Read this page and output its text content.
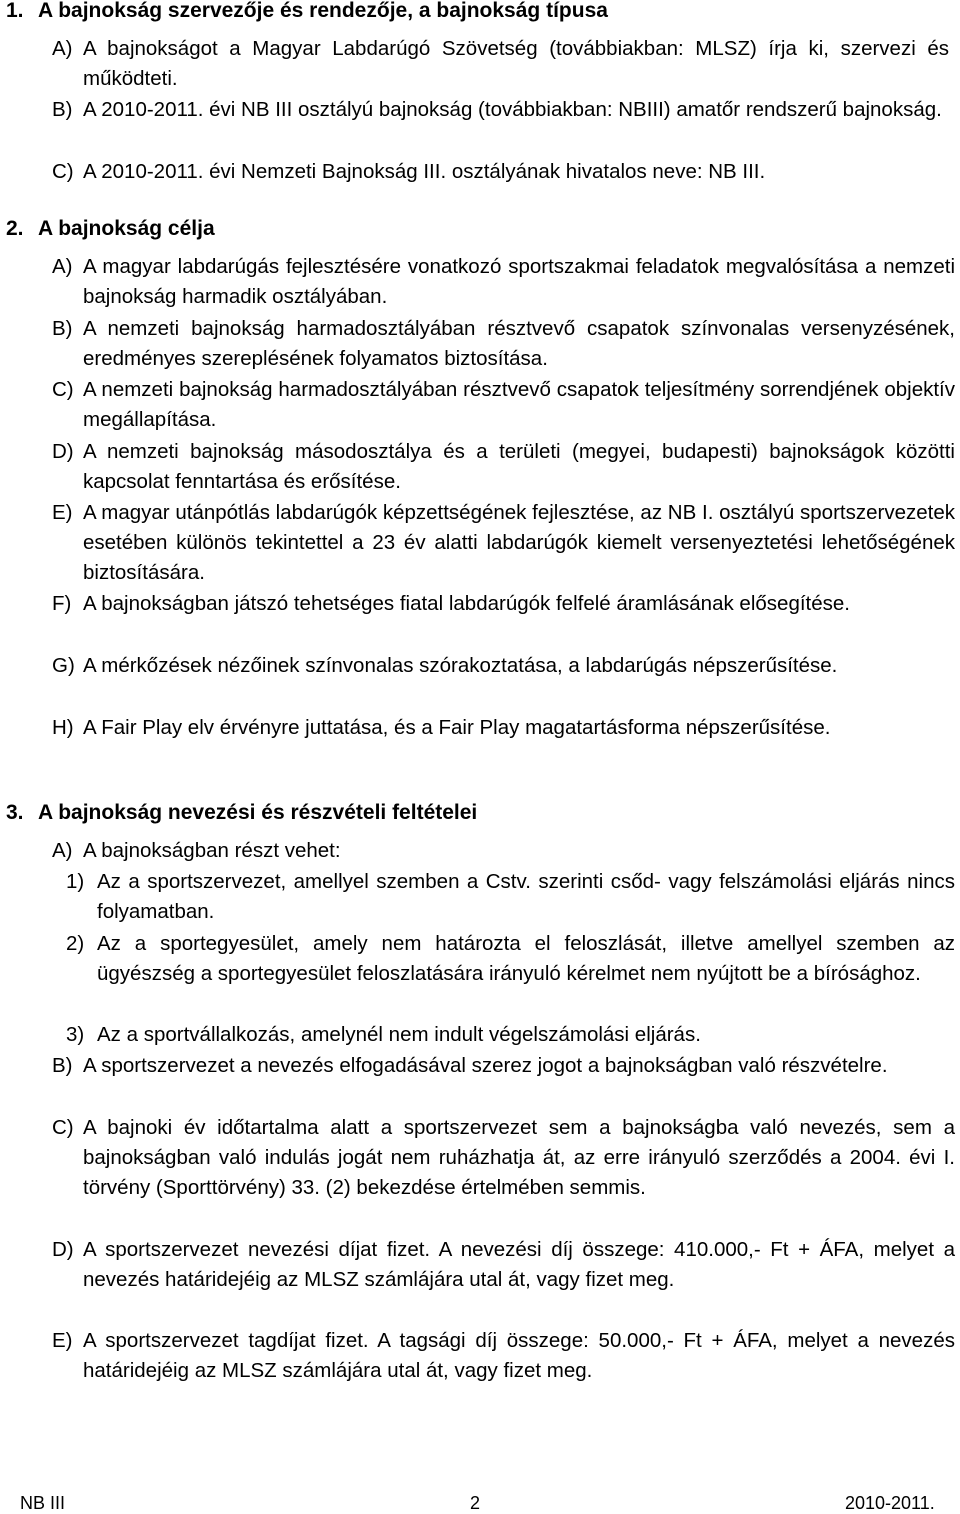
1. A bajnokság szervezője és rendezője, a bajnokság típusa
A) A bajnokságot a Magyar Labdarúgó Szövetség (továbbiakban: MLSZ) írja ki, szervezi és működteti.
B) A 2010-2011. évi NB III osztályú bajnokság (továbbiakban: NBIII) amatőr rendszerű bajnokság.
C) A 2010-2011. évi Nemzeti Bajnokság III. osztályának hivatalos neve: NB III.
2. A bajnokság célja
A) A magyar labdarúgás fejlesztésére vonatkozó sportszakmai feladatok megvalósítása a nemzeti bajnokság harmadik osztályában.
B) A nemzeti bajnokság harmadosztályában résztvevő csapatok színvonalas versenyzésének, eredményes szereplésének folyamatos biztosítása.
C) A nemzeti bajnokság harmadosztályában résztvevő csapatok teljesítmény sorrendjének objektív megállapítása.
D) A nemzeti bajnokság másodosztálya és a területi (megyei, budapesti) bajnokságok közötti kapcsolat fenntartása és erősítése.
E) A magyar utánpótlás labdarúgók képzettségének fejlesztése, az NB I. osztályú sportszervezetek esetében különös tekintettel a 23 év alatti labdarúgók kiemelt versenyeztetési lehetőségének biztosítására.
F) A bajnokságban játszó tehetséges fiatal labdarúgók felfelé áramlásának elősegítése.
G) A mérkőzések nézőinek színvonalas szórakoztatása, a labdarúgás népszerűsítése.
H) A Fair Play elv érvényre juttatása, és a Fair Play magatartásforma népszerűsítése.
3. A bajnokság nevezési és részvételi feltételei
A) A bajnokságban részt vehet:
1) Az a sportszervezet, amellyel szemben a Cstv. szerinti csőd- vagy felszámolási eljárás nincs folyamatban.
2) Az a sportegyesület, amely nem határozta el feloszlását, illetve amellyel szemben az ügyészség a sportegyesület feloszlatására irányuló kérelmet nem nyújtott be a bírósághoz.
3) Az a sportvállalkozás, amelynél nem indult végelszámolási eljárás.
B) A sportszervezet a nevezés elfogadásával szerez jogot a bajnokságban való részvételre.
C) A bajnoki év időtartalma alatt a sportszervezet sem a bajnokságba való nevezés, sem a bajnokságban való indulás jogát nem ruházhatja át, az erre irányuló szerződés a 2004. évi I. törvény (Sporttörvény) 33. (2) bekezdése értelmében semmis.
D) A sportszervezet nevezési díjat fizet. A nevezési díj összege: 410.000,- Ft + ÁFA, melyet a nevezés határidejéig az MLSZ számlájára utal át, vagy fizet meg.
E) A sportszervezet tagdíjat fizet. A tagsági díj összege: 50.000,- Ft + ÁFA, melyet a nevezés határidejéig az MLSZ számlájára utal át, vagy fizet meg.
NB III	2	2010-2011.
